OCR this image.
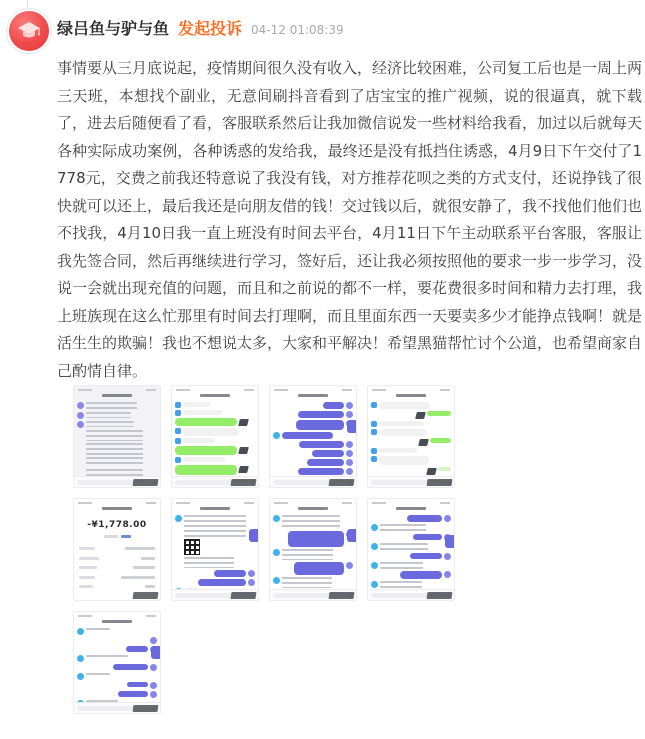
绿吕鱼与驴与鱼 发起投诉 04-12 01:08:39
事情要从三月底说起，疫情期间很久没有收入，经济比较困难，公司复工后也是一周上两三天班，本想找个副业，无意间刷抖音看到了店宝宝的推广视频，说的很逼真，就下载了，进去后随便看了看，客服联系然后让我加微信说发一些材料给我看，加过以后就每天各种实际成功案例，各种诱惑的发给我，最终还是没有抵挡住诱惑，4月9日下午交付了1778元，交费之前我还特意说了我没有钱，对方推荐花呗之类的方式支付，还说挣钱了很快就可以还上，最后我还是向朋友借的钱！交过钱以后，就很安静了，我不找他们他们也不找我，4月10日我一直上班没有时间去平台，4月11日下午主动联系平台客服，客服让我先签合同，然后再继续进行学习，签好后，还让我必须按照他的要求一步一步学习，没说一会就出现充值的问题，而且和之前说的都不一样，要花费很多时间和精力去打理，我上班族现在这么忙那里有时间去打理啊，而且里面东西一天要卖多少才能挣点钱啊！就是活生生的欺骗！我也不想说太多，大家和平解决！希望黑猫帮忙讨个公道，也希望商家自己酌情自律。
-¥1,778.00
